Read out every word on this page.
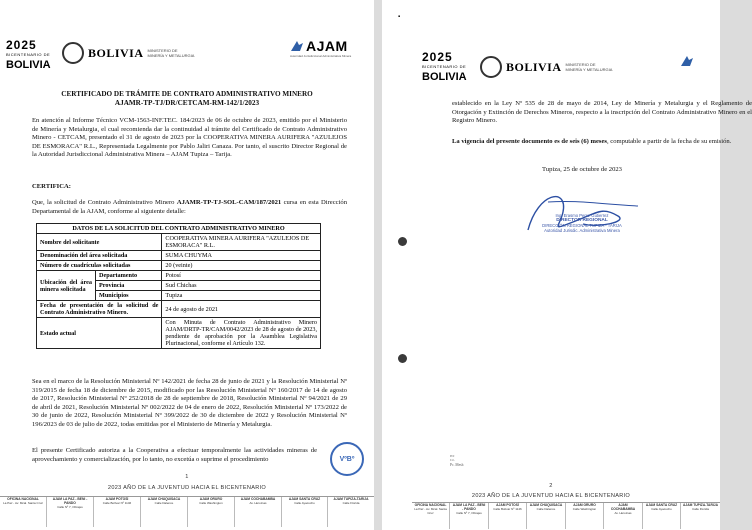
2025
BICENTENARIO DE
BOLIVIA
BOLIVIA MINISTERIO DE
MINERÍA Y METALURGIA
AJAM
Autoridad Jurisdiccional Administrativa Minera
CERTIFICADO DE TRÁMITE DE CONTRATO ADMINISTRATIVO MINERO
AJAMR-TP-TJ/DR/CETCAM-RM-142/1/2023
En atención al Informe Técnico VCM-1563-INF.TEC. 184/2023 de 06 de octubre de 2023, emitido por el Ministerio de Minería y Metalurgia, el cual recomienda dar la continuidad al trámite del Certificado de Contrato Administrativo Minero - CETCAM, presentado el 31 de agosto de 2023 por la COOPERATIVA MINERA AURIFERA "AZULEJOS DE ESMORACA" R.L., Representada Legalmente por Pablo Jaliri Canaza. Por tanto, el suscrito Director Regional de la Autoridad Jurisdiccional Administrativa Minera – AJAM Tupiza – Tarija.
CERTIFICA:
Que, la solicitud de Contrato Administrativo Minero AJAMR-TP-TJ-SOL-CAM/187/2021 cursa en esta Dirección Departamental de la AJAM, conforme al siguiente detalle:
DATOS DE LA SOLICITUD DEL CONTRATO ADMINISTRATIVO MINERO		
Nombre del solicitante		COOPERATIVA MINERA AURIFERA "AZULEJOS DE ESMORACA" R.L.
Denominación del área solicitada		SUMA CHUYMA
Número de cuadrículas solicitadas		20 (veinte)
Ubicación del área minera solicitada	Departamento	Potosí
	Provincia	Sud Chichas
	Municipios	Tupiza
Fecha de presentación de la solicitud de Contrato Administrativo Minero.		24 de agosto de 2021
Estado actual		Con Minuta de Contrato Administrativo Minero AJAM/DRTP-TR/CAM/0042/2023 de 28 de agosto de 2023, pendiente de aprobación por la Asamblea Legislativa Plurinacional, conforme el Artículo 132.
Sea en el marco de la Resolución Ministerial Nº 142/2021 de fecha 28 de junio de 2021 y la Resolución Ministerial Nº 319/2015 de fecha 18 de diciembre de 2015, modificado por las Resolución Ministerial Nº 160/2017 de 14 de agosto de 2017, Resolución Ministerial Nº 252/2018 de 28 de septiembre de 2018, Resolución Ministerial Nº 94/2021 de 29 de abril de 2021, Resolución Ministerial Nº 002/2022 de 04 de enero de 2022, Resolución Ministerial Nº 173/2022 de 30 de junio de 2022, Resolución Ministerial Nº 399/2022 de 30 de diciembre de 2022 y Resolución Ministerial Nº 196/2023 de 03 de julio de 2022, todas emitidas por el Ministerio de Minería y Metalurgia.
El presente Certificado autoriza a la Cooperativa a efectuar temporalmente las actividades mineras de aprovechamiento y comercialización, por lo tanto, no excetúa o suprime el procedimiento	VºBº
1
2023 AÑO DE LA JUVENTUD HACIA EL BICENTENARIO
OFICINA NACIONAL
La Paz - Av. Mcal. Santa Cruz
AJAM LA PAZ - BENI - PANDO
Calle Nº 7, Obrajes
AJAM POTOSÍ
Calle Bolívar Nº 1146
AJAM CHUQUISACA
Calle Dalence
AJAM ORURO
Calle Washington
AJAM COCHABAMBA
Av. Heroínas
AJAM SANTA CRUZ
Calle Ayacucho
AJAM TUPIZA-TARIJA
Calle Florida
▪
2025
BICENTENARIO DE
BOLIVIA
BOLIVIA MINISTERIO DE
MINERÍA Y METALURGIA
establecido en la Ley Nº 535 de 28 de mayo de 2014, Ley de Minería y Metalurgia y el Reglamento de Otorgación y Extinción de Derechos Mineros, respecto a la inscripción del Contrato Administrativo Minero en el Registro Minero.
La vigencia del presente documento es de seis (6) meses, computable a partir de la fecha de su emisión.
Tupiza, 25 de octubre de 2023
Ing. Erasmo Perez Gutierrez
DIRECTOR REGIONAL
DIRECCIÓN REGIONAL TUPIZA - TARIJA
Autoridad Jurisdic. Administrativa Minera
rcc
c.c.
Pc. Mesh
2
2023 AÑO DE LA JUVENTUD HACIA EL BICENTENARIO
OFICINA NACIONAL
La Paz - Av. Mcal. Santa Cruz
AJAM LA PAZ - BENI - PANDO
Calle Nº 7, Obrajes
AJAM POTOSÍ
Calle Bolívar Nº 1146
AJAM CHUQUISACA
Calle Dalence
AJAM ORURO
Calle Washington
AJAM COCHABAMBA
Av. Heroínas
AJAM SANTA CRUZ
Calle Ayacucho
AJAM TUPIZA-TARIJA
Calle Florida
